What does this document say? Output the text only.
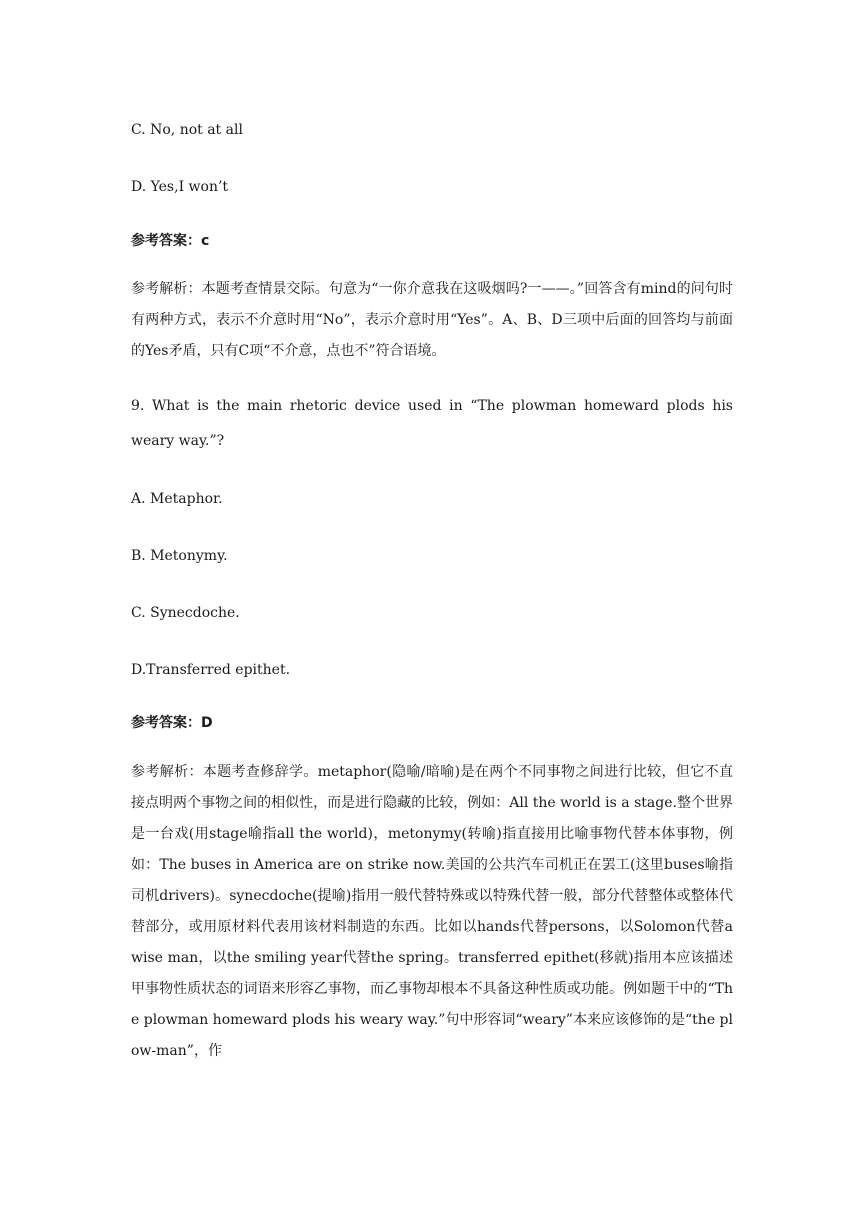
C. No, not at all

D. Yes,I won’t

参考答案：c

参考解析：本题考查情景交际。句意为“一你介意我在这吸烟吗?一——。”回答含有mind的问句时有两种方式，表示不介意时用“No”，表示介意时用“Yes”。A、B、D三项中后面的回答均与前面的Yes矛盾，只有C项“不介意，点也不”符合语境。

9. What is the main rhetoric device used in “The plowman homeward plods his weary way.”?

A. Metaphor.

B. Metonymy.

C. Synecdoche.

D.Transferred epithet.

参考答案：D

参考解析：本题考查修辞学。metaphor(隐喻/暗喻)是在两个不同事物之间进行比较，但它不直接点明两个事物之间的相似性，而是进行隐藏的比较，例如：All the world is a stage.整个世界是一台戏(用stage喻指all the world)，metonymy(转喻)指直接用比喻事物代替本体事物，例如：The buses in America are on strike now.美国的公共汽车司机正在罢工(这里buses喻指司机drivers)。synecdoche(提喻)指用一般代替特殊或以特殊代替一般，部分代替整体或整体代替部分，或用原材料代表用该材料制造的东西。比如以hands代替persons，以Solomon代替a wise man，以the smiling year代替the spring。transferred epithet(移就)指用本应该描述甲事物性质状态的词语来形容乙事物，而乙事物却根本不具备这种性质或功能。例如题干中的“The plowman homeward plods his weary way.”句中形容词“weary”本来应该修饰的是“the plow-man”，作
